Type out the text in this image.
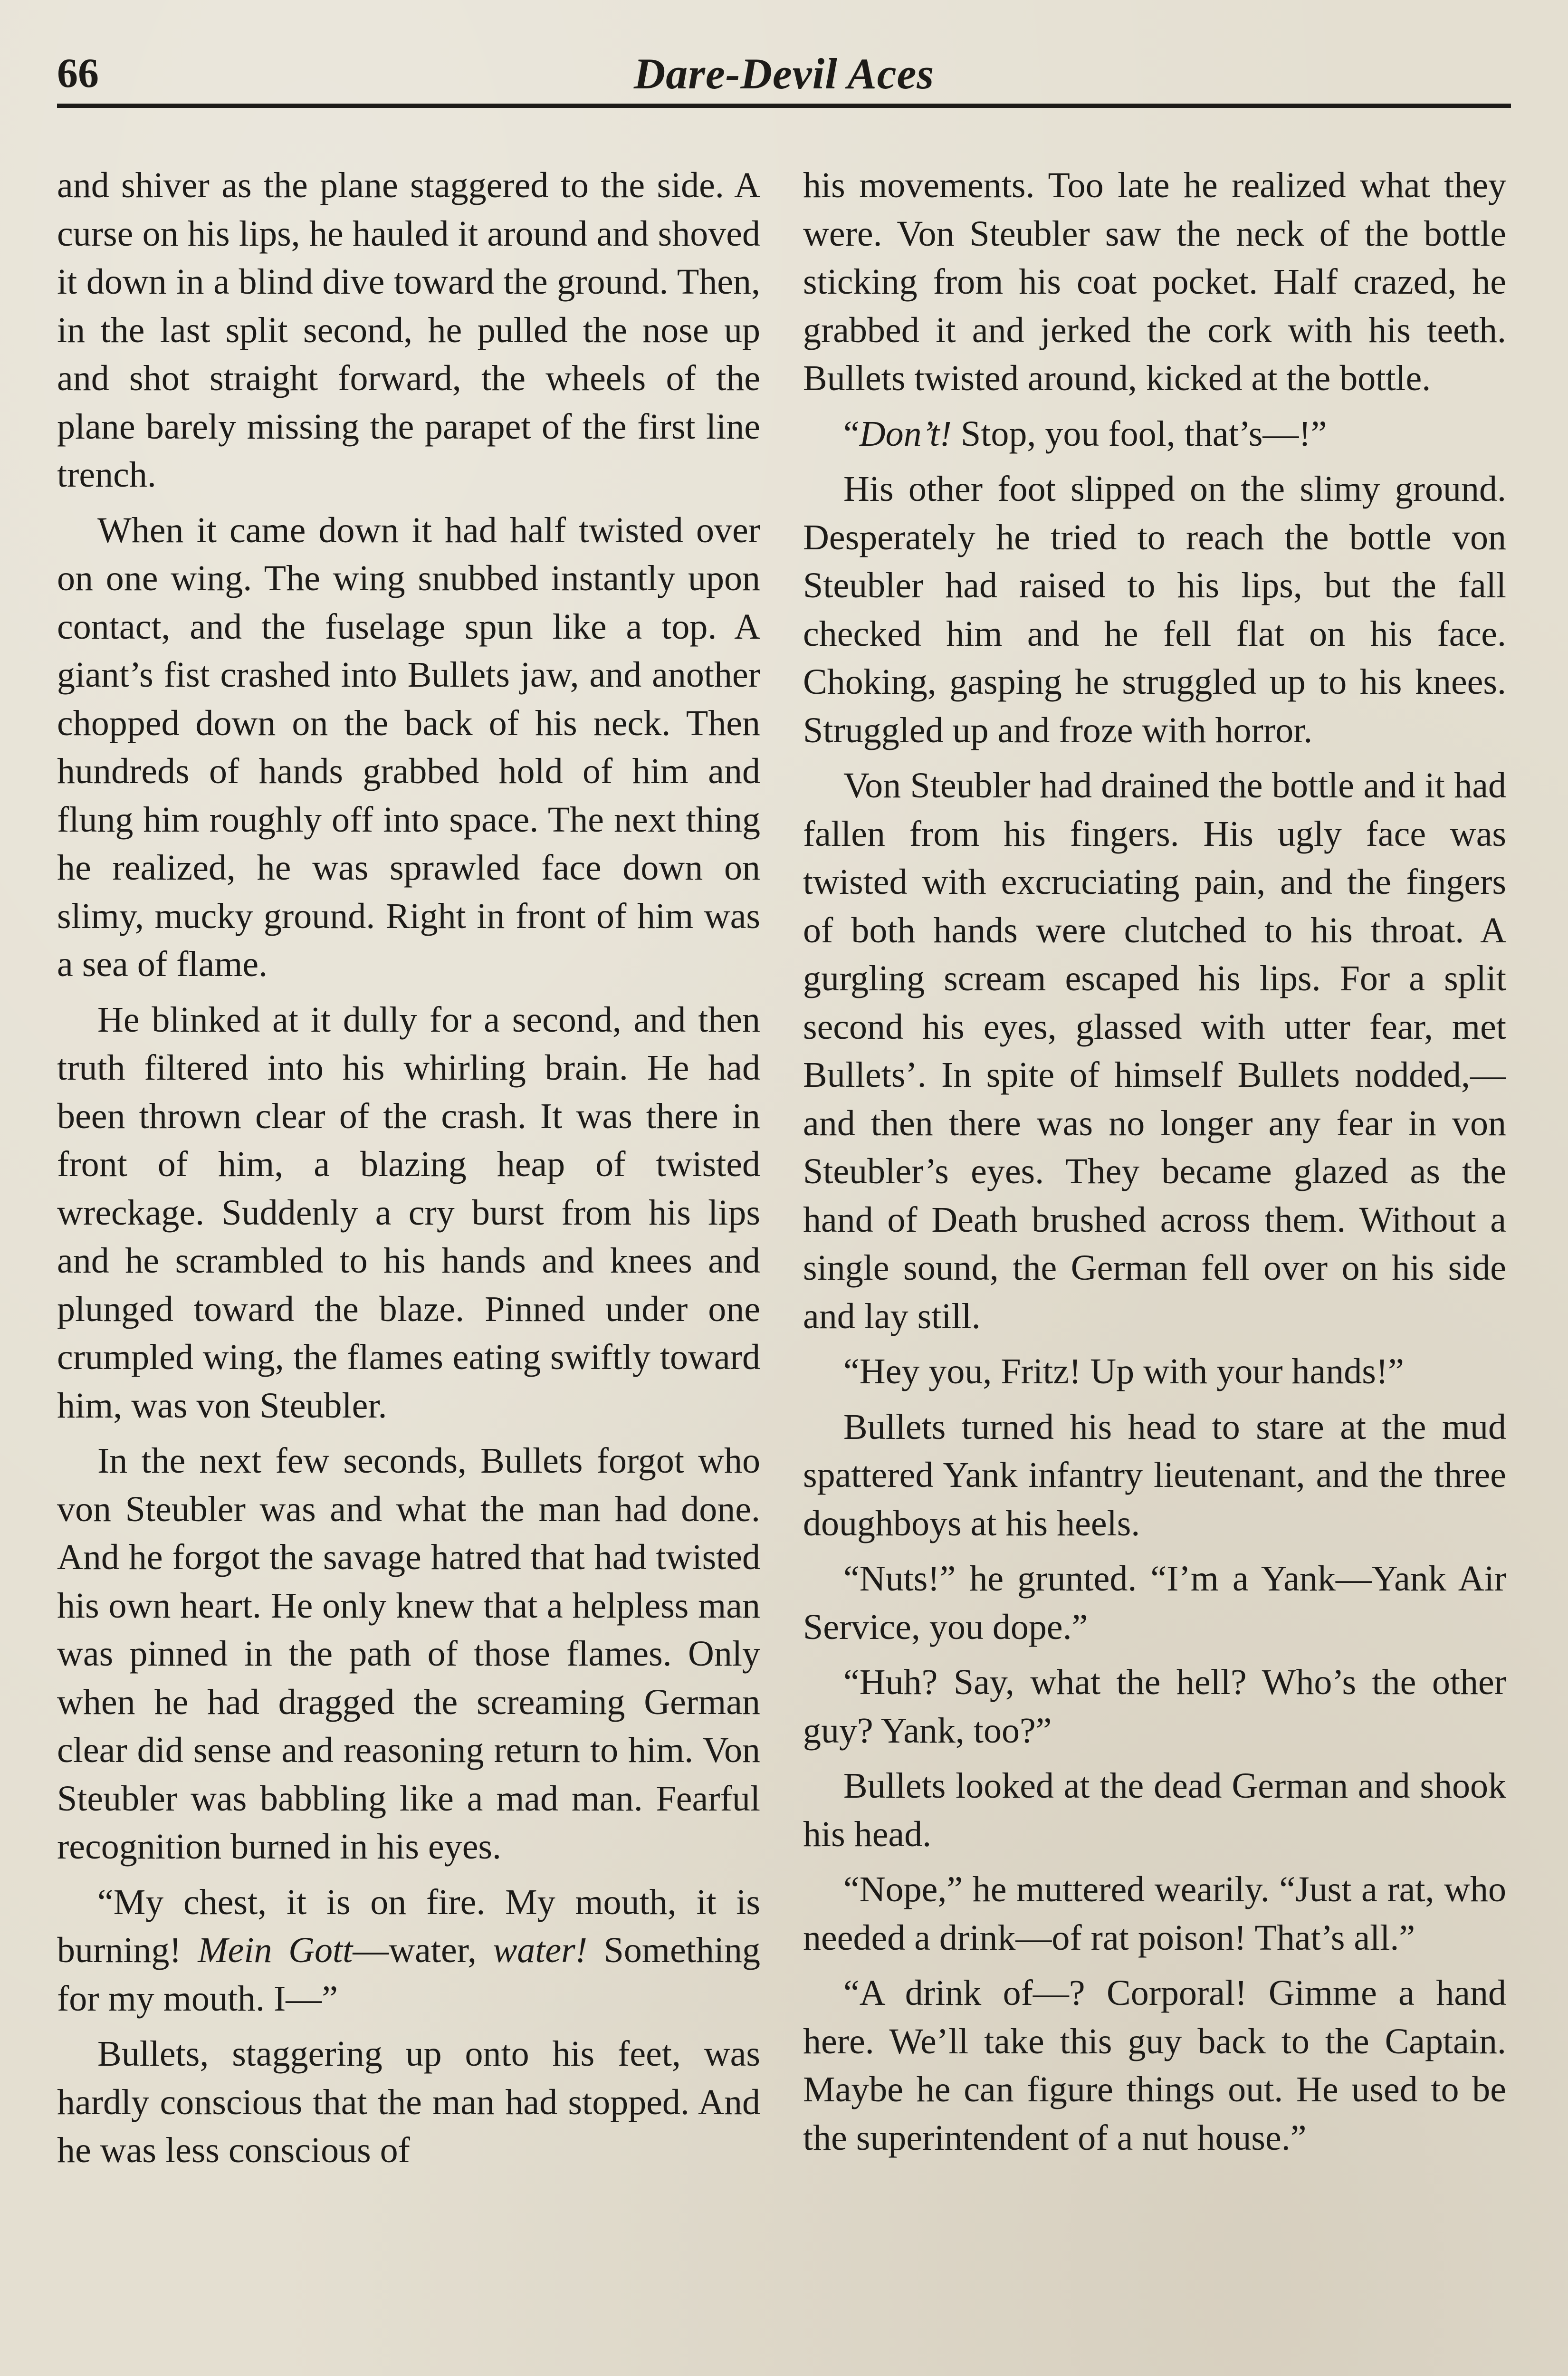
66	Dare-Devil Aces

and shiver as the plane staggered to the side. A curse on his lips, he hauled it around and shoved it down in a blind dive toward the ground. Then, in the last split second, he pulled the nose up and shot straight forward, the wheels of the plane barely missing the parapet of the first line trench.

When it came down it had half twisted over on one wing. The wing snubbed instantly upon contact, and the fuselage spun like a top. A giant’s fist crashed into Bullets jaw, and another chopped down on the back of his neck. Then hundreds of hands grabbed hold of him and flung him roughly off into space. The next thing he realized, he was sprawled face down on slimy, mucky ground. Right in front of him was a sea of flame.

He blinked at it dully for a second, and then truth filtered into his whirling brain. He had been thrown clear of the crash. It was there in front of him, a blazing heap of twisted wreckage. Suddenly a cry burst from his lips and he scrambled to his hands and knees and plunged toward the blaze. Pinned under one crumpled wing, the flames eating swiftly toward him, was von Steubler.

In the next few seconds, Bullets forgot who von Steubler was and what the man had done. And he forgot the savage hatred that had twisted his own heart. He only knew that a helpless man was pinned in the path of those flames. Only when he had dragged the screaming German clear did sense and reasoning return to him. Von Steubler was babbling like a mad man. Fearful recognition burned in his eyes.

“My chest, it is on fire. My mouth, it is burning! Mein Gott—water, water! Something for my mouth. I—”

Bullets, staggering up onto his feet, was hardly conscious that the man had stopped. And he was less conscious of

his movements. Too late he realized what they were. Von Steubler saw the neck of the bottle sticking from his coat pocket. Half crazed, he grabbed it and jerked the cork with his teeth. Bullets twisted around, kicked at the bottle.

“Don’t! Stop, you fool, that’s—!”

His other foot slipped on the slimy ground. Desperately he tried to reach the bottle von Steubler had raised to his lips, but the fall checked him and he fell flat on his face. Choking, gasping he struggled up to his knees. Struggled up and froze with horror.

Von Steubler had drained the bottle and it had fallen from his fingers. His ugly face was twisted with excruciating pain, and the fingers of both hands were clutched to his throat. A gurgling scream escaped his lips. For a split second his eyes, glassed with utter fear, met Bullets’. In spite of himself Bullets nodded,—and then there was no longer any fear in von Steubler’s eyes. They became glazed as the hand of Death brushed across them. Without a single sound, the German fell over on his side and lay still.

“Hey you, Fritz! Up with your hands!”

Bullets turned his head to stare at the mud spattered Yank infantry lieutenant, and the three doughboys at his heels.

“Nuts!” he grunted. “I’m a Yank—Yank Air Service, you dope.”

“Huh? Say, what the hell? Who’s the other guy? Yank, too?”

Bullets looked at the dead German and shook his head.

“Nope,” he muttered wearily. “Just a rat, who needed a drink—of rat poison! That’s all.”

“A drink of—? Corporal! Gimme a hand here. We’ll take this guy back to the Captain. Maybe he can figure things out. He used to be the superintendent of a nut house.”
